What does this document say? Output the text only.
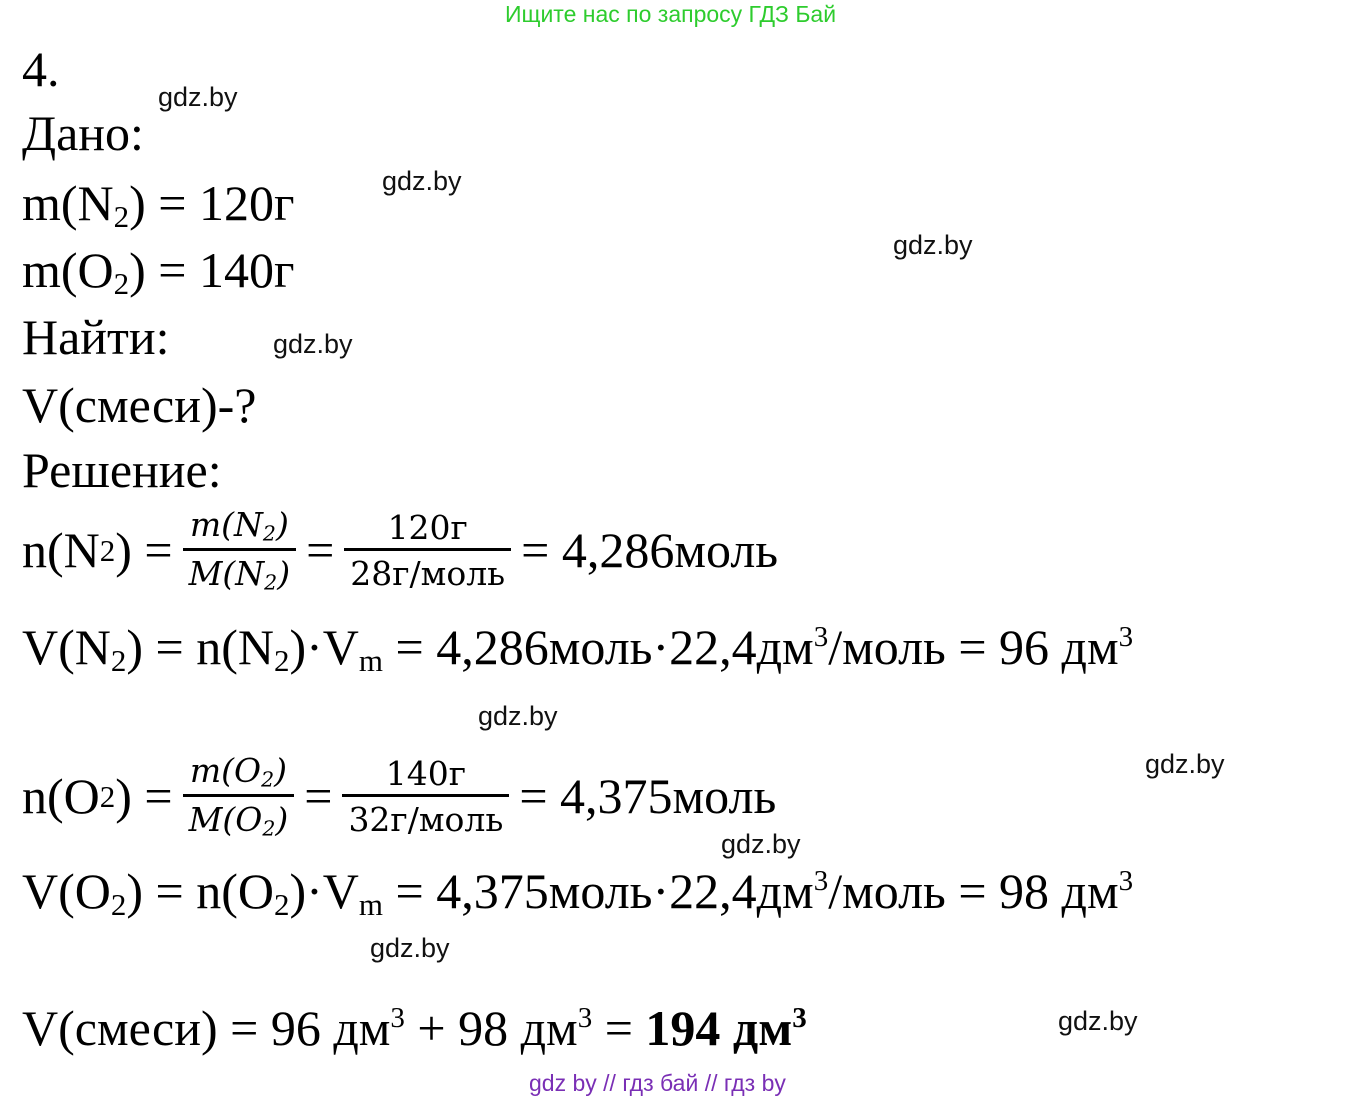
Ищите нас по запросу ГДЗ Бай
4.
Дано:
$m(N_2) = 120г$
$m(O_2) = 140г$
Найти:
V(смеси)-?
Решение:
n(N 2 ) = $\frac{m(N_2)}{M(N_2)} = \frac{120г}{\text{28г/моль}}$ = 4,286моль
$V(N_2) = n(N_2)\cdot V_m$ = $4,286моль\cdot 22,4дм^3$/моль = 96 $дм^3$
n(O 2 ) = $\frac{m(O_2)}{M(O_2)} = \frac{140г}{\text{32г/моль}}$ = 4,375моль
$V(O_2) = n(O_2)\cdot V_m$ = $4,375моль\cdot 22,4дм^3$/моль = 98 $дм^3$
V(смеси) = 96 $дм^3 + 98$ $дм^3 = 194$ $дм^3$
gdz.by
gdz.by
gdz.by
gdz.by
gdz.by
gdz.by
gdz.by
gdz.by
gdz.by
gdz by // гдз бай // гдз by
